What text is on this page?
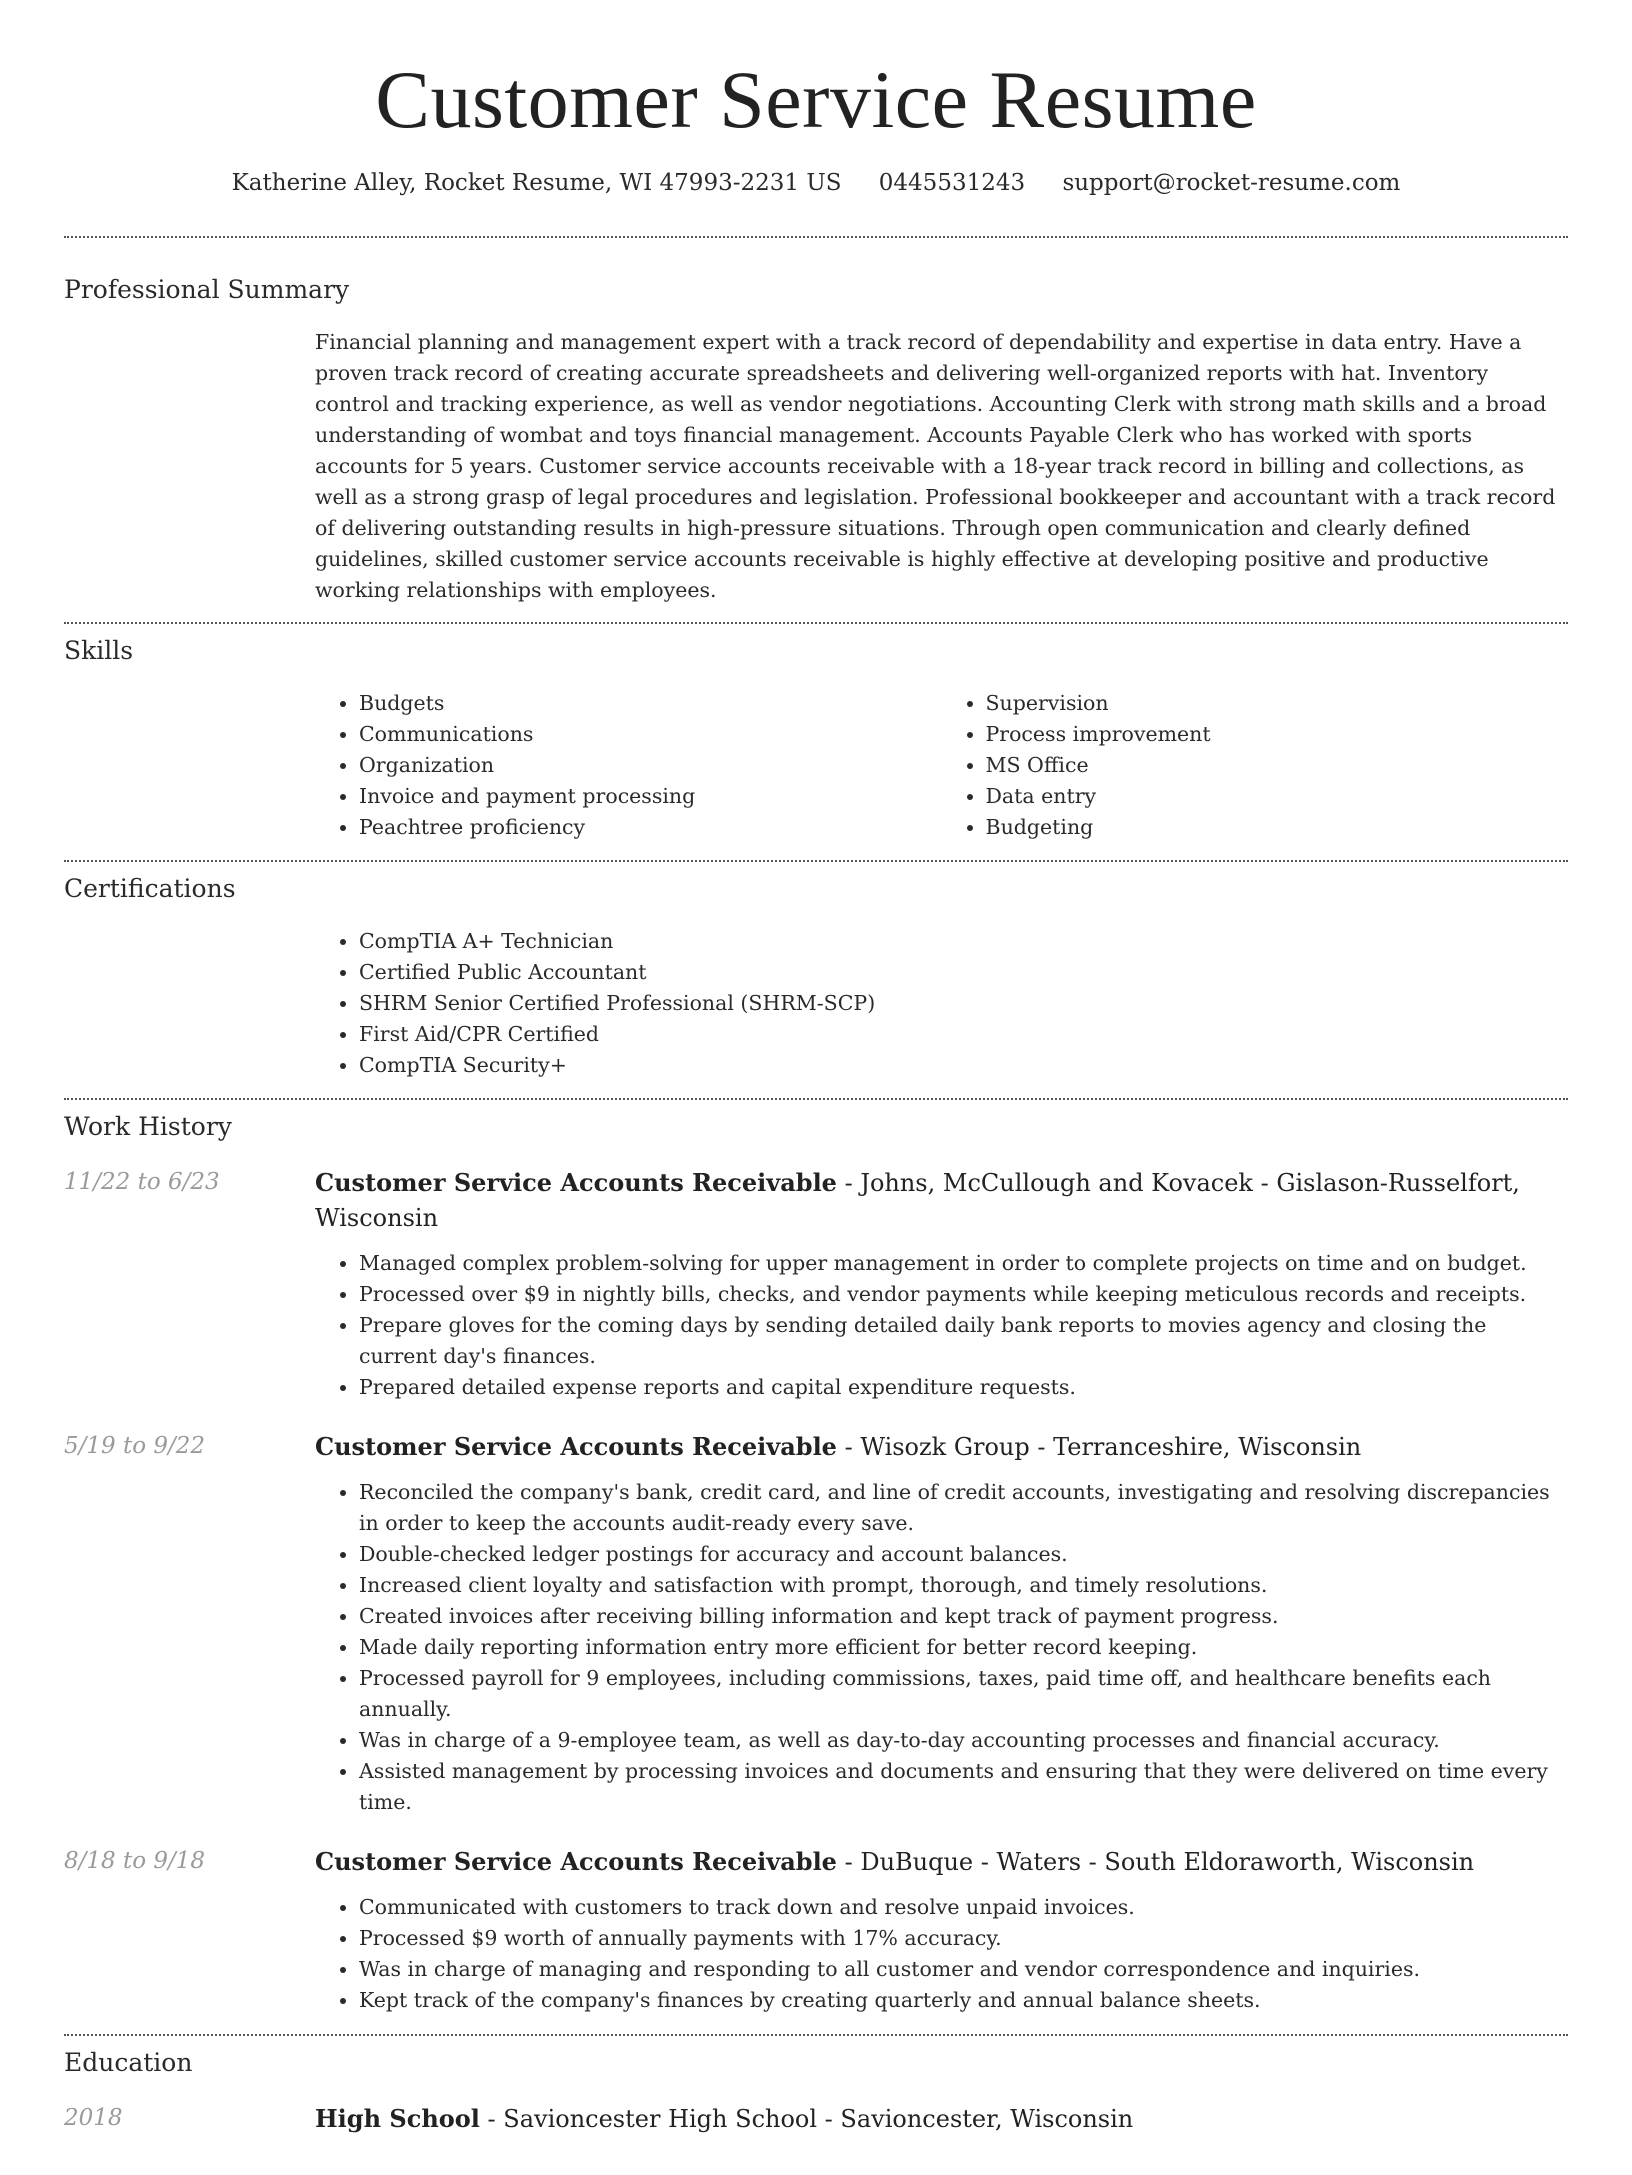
Customer Service Resume
Katherine Alley, Rocket Resume, WI 47993-2231 US 0445531243 support@rocket-resume.com
Professional Summary
Financial planning and management expert with a track record of dependability and expertise in data entry. Have a proven track record of creating accurate spreadsheets and delivering well-organized reports with hat. Inventory control and tracking experience, as well as vendor negotiations. Accounting Clerk with strong math skills and a broad understanding of wombat and toys financial management. Accounts Payable Clerk who has worked with sports accounts for 5 years. Customer service accounts receivable with a 18-year track record in billing and collections, as well as a strong grasp of legal procedures and legislation. Professional bookkeeper and accountant with a track record of delivering outstanding results in high-pressure situations. Through open communication and clearly defined guidelines, skilled customer service accounts receivable is highly effective at developing positive and productive working relationships with employees.
Skills
• Budgets
• Communications
• Organization
• Invoice and payment processing
• Peachtree proficiency
• Supervision
• Process improvement
• MS Office
• Data entry
• Budgeting
Certifications
• CompTIA A+ Technician
• Certified Public Accountant
• SHRM Senior Certified Professional (SHRM-SCP)
• First Aid/CPR Certified
• CompTIA Security+
Work History
11/22 to 6/23	Customer Service Accounts Receivable - Johns, McCullough and Kovacek - Gislason-Russelfort, Wisconsin
• Managed complex problem-solving for upper management in order to complete projects on time and on budget.
• Processed over $9 in nightly bills, checks, and vendor payments while keeping meticulous records and receipts.
• Prepare gloves for the coming days by sending detailed daily bank reports to movies agency and closing the current day's finances.
• Prepared detailed expense reports and capital expenditure requests.
5/19 to 9/22	Customer Service Accounts Receivable - Wisozk Group - Terranceshire, Wisconsin
• Reconciled the company's bank, credit card, and line of credit accounts, investigating and resolving discrepancies in order to keep the accounts audit-ready every save.
• Double-checked ledger postings for accuracy and account balances.
• Increased client loyalty and satisfaction with prompt, thorough, and timely resolutions.
• Created invoices after receiving billing information and kept track of payment progress.
• Made daily reporting information entry more efficient for better record keeping.
• Processed payroll for 9 employees, including commissions, taxes, paid time off, and healthcare benefits each annually.
• Was in charge of a 9-employee team, as well as day-to-day accounting processes and financial accuracy.
• Assisted management by processing invoices and documents and ensuring that they were delivered on time every time.
8/18 to 9/18	Customer Service Accounts Receivable - DuBuque - Waters - South Eldoraworth, Wisconsin
• Communicated with customers to track down and resolve unpaid invoices.
• Processed $9 worth of annually payments with 17% accuracy.
• Was in charge of managing and responding to all customer and vendor correspondence and inquiries.
• Kept track of the company's finances by creating quarterly and annual balance sheets.
Education
2018	High School - Savioncester High School - Savioncester, Wisconsin
